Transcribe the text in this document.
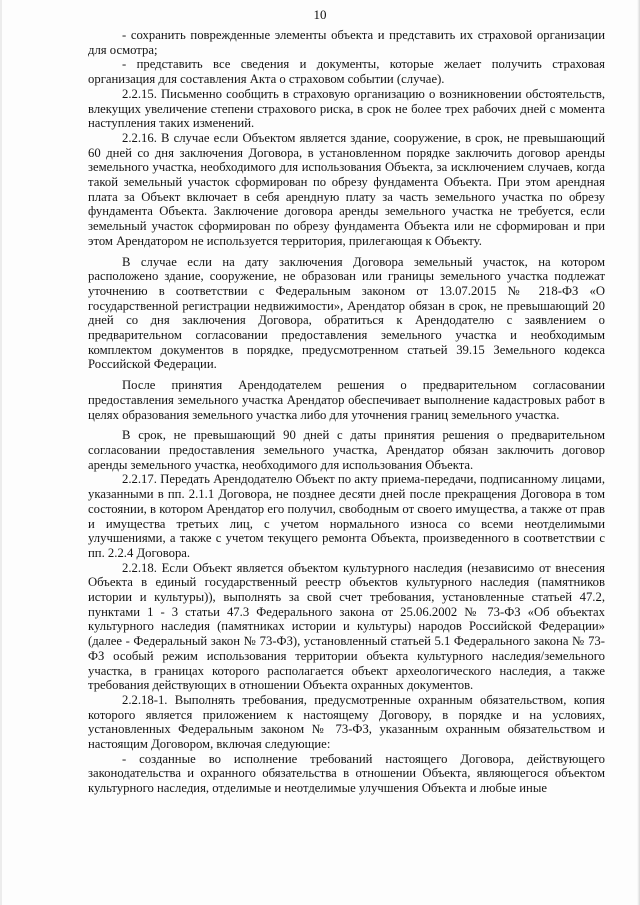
10

- сохранить поврежденные элементы объекта и представить их страховой организации для осмотра;

- представить все сведения и документы, которые желает получить страховая организация для составления Акта о страховом событии (случае).

2.2.15. Письменно сообщить в страховую организацию о возникновении обстоятельств, влекущих увеличение степени страхового риска, в срок не более трех рабочих дней с момента наступления таких изменений.

2.2.16. В случае если Объектом является здание, сооружение, в срок, не превышающий 60 дней со дня заключения Договора, в установленном порядке заключить договор аренды земельного участка, необходимого для использования Объекта, за исключением случаев, когда такой земельный участок сформирован по обрезу фундамента Объекта. При этом арендная плата за Объект включает в себя арендную плату за часть земельного участка по обрезу фундамента Объекта. Заключение договора аренды земельного участка не требуется, если земельный участок сформирован по обрезу фундамента Объекта или не сформирован и при этом Арендатором не используется территория, прилегающая к Объекту.

В случае если на дату заключения Договора земельный участок, на котором расположено здание, сооружение, не образован или границы земельного участка подлежат уточнению в соответствии с Федеральным законом от 13.07.2015 № 218-ФЗ «О государственной регистрации недвижимости», Арендатор обязан в срок, не превышающий 20 дней со дня заключения Договора, обратиться к Арендодателю с заявлением о предварительном согласовании предоставления земельного участка и необходимым комплектом документов в порядке, предусмотренном статьей 39.15 Земельного кодекса Российской Федерации.

После принятия Арендодателем решения о предварительном согласовании предоставления земельного участка Арендатор обеспечивает выполнение кадастровых работ в целях образования земельного участка либо для уточнения границ земельного участка.

В срок, не превышающий 90 дней с даты принятия решения о предварительном согласовании предоставления земельного участка, Арендатор обязан заключить договор аренды земельного участка, необходимого для использования Объекта.

2.2.17. Передать Арендодателю Объект по акту приема-передачи, подписанному лицами, указанными в пп. 2.1.1 Договора, не позднее десяти дней после прекращения Договора в том состоянии, в котором Арендатор его получил, свободным от своего имущества, а также от прав и имущества третьих лиц, с учетом нормального износа со всеми неотделимыми улучшениями, а также с учетом текущего ремонта Объекта, произведенного в соответствии с пп. 2.2.4 Договора.

2.2.18. Если Объект является объектом культурного наследия (независимо от внесения Объекта в единый государственный реестр объектов культурного наследия (памятников истории и культуры)), выполнять за свой счет требования, установленные статьей 47.2, пунктами 1 - 3 статьи 47.3 Федерального закона от 25.06.2002 № 73-ФЗ «Об объектах культурного наследия (памятниках истории и культуры) народов Российской Федерации» (далее - Федеральный закон № 73-ФЗ), установленный статьей 5.1 Федерального закона № 73-ФЗ особый режим использования территории объекта культурного наследия/земельного участка, в границах которого располагается объект археологического наследия, а также требования действующих в отношении Объекта охранных документов.

2.2.18-1. Выполнять требования, предусмотренные охранным обязательством, копия которого является приложением к настоящему Договору, в порядке и на условиях, установленных Федеральным законом № 73-ФЗ, указанным охранным обязательством и настоящим Договором, включая следующие:

- созданные во исполнение требований настоящего Договора, действующего законодательства и охранного обязательства в отношении Объекта, являющегося объектом культурного наследия, отделимые и неотделимые улучшения Объекта и любые иные
